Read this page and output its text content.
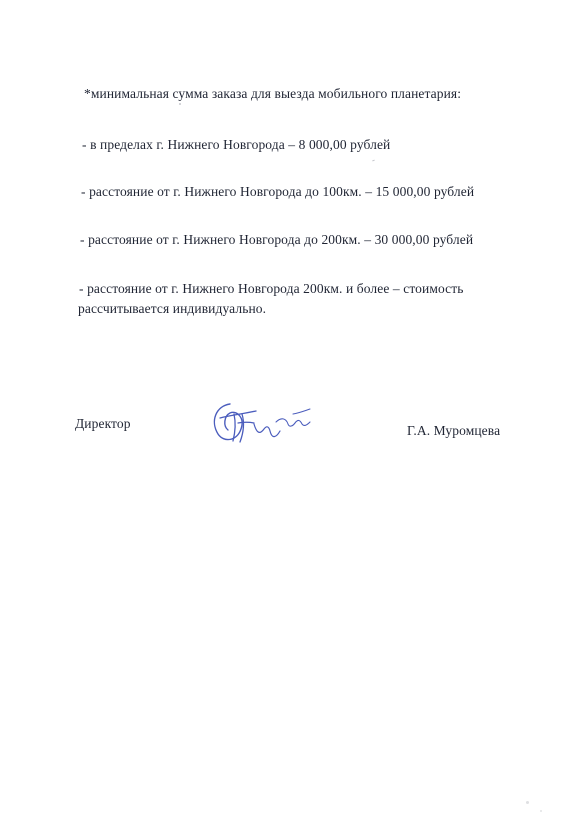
*минимальная сумма заказа для выезда мобильного планетария:
- в пределах г. Нижнего Новгорода – 8 000,00 рублей
- расстояние от г. Нижнего Новгорода до 100км. – 15 000,00 рублей
- расстояние от г. Нижнего Новгорода до 200км. – 30 000,00 рублей
- расстояние от г. Нижнего Новгорода 200км. и более – стоимость
рассчитывается индивидуально.
Директор	Г.А. Муромцева
